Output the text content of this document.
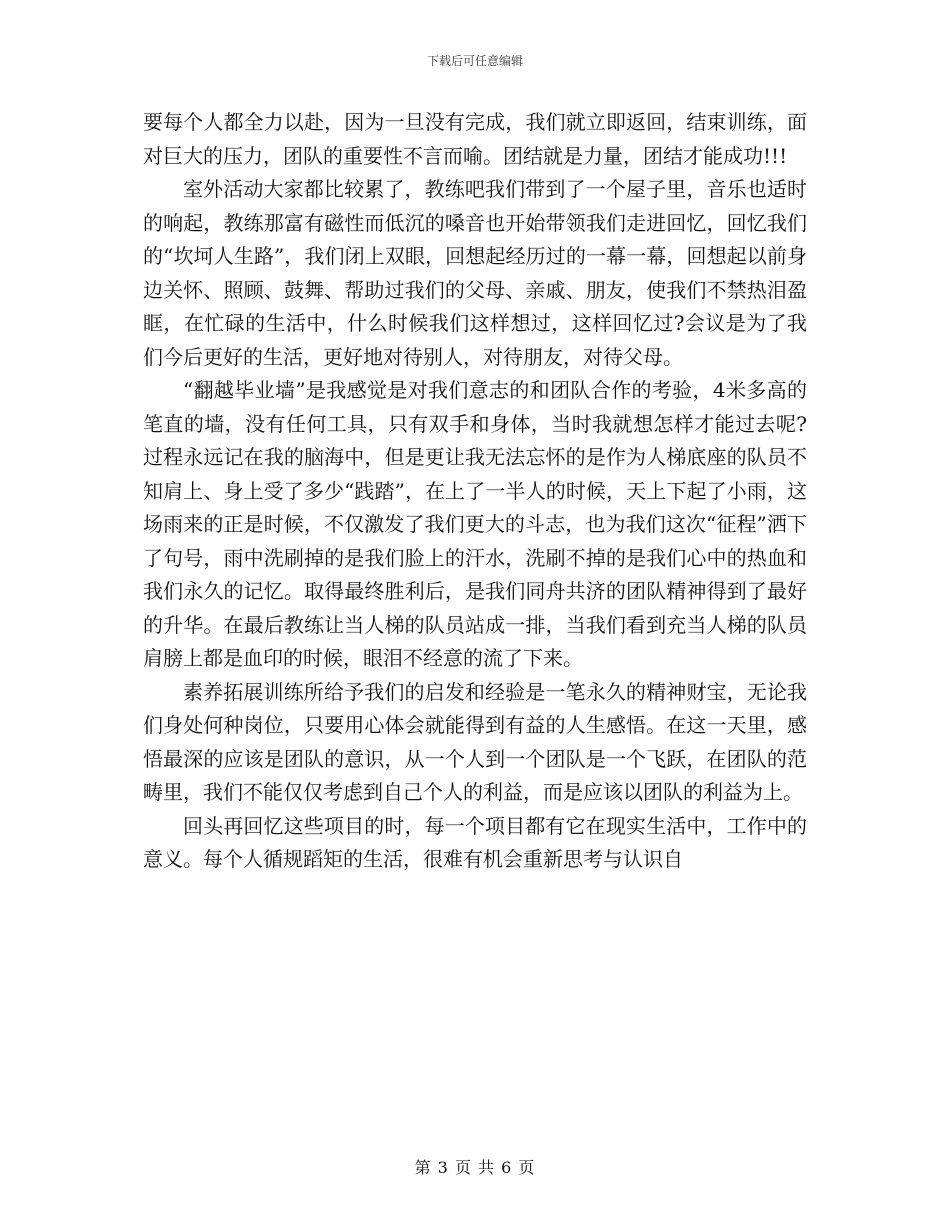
下载后可任意编辑

要每个人都全力以赴，因为一旦没有完成，我们就立即返回，结束训练，面对巨大的压力，团队的重要性不言而喻。团结就是力量，团结才能成功!!!

室外活动大家都比较累了，教练吧我们带到了一个屋子里，音乐也适时的响起，教练那富有磁性而低沉的嗓音也开始带领我们走进回忆，回忆我们的“坎坷人生路”，我们闭上双眼，回想起经历过的一幕一幕，回想起以前身边关怀、照顾、鼓舞、帮助过我们的父母、亲戚、朋友，使我们不禁热泪盈眶，在忙碌的生活中，什么时候我们这样想过，这样回忆过?会议是为了我们今后更好的生活，更好地对待别人，对待朋友，对待父母。

“翻越毕业墙”是我感觉是对我们意志的和团队合作的考验，4米多高的笔直的墙，没有任何工具，只有双手和身体，当时我就想怎样才能过去呢?过程永远记在我的脑海中，但是更让我无法忘怀的是作为人梯底座的队员不知肩上、身上受了多少“践踏”，在上了一半人的时候，天上下起了小雨，这场雨来的正是时候，不仅激发了我们更大的斗志，也为我们这次“征程”洒下了句号，雨中洗刷掉的是我们脸上的汗水，洗刷不掉的是我们心中的热血和我们永久的记忆。取得最终胜利后，是我们同舟共济的团队精神得到了最好的升华。在最后教练让当人梯的队员站成一排，当我们看到充当人梯的队员肩膀上都是血印的时候，眼泪不经意的流了下来。

素养拓展训练所给予我们的启发和经验是一笔永久的精神财宝，无论我们身处何种岗位，只要用心体会就能得到有益的人生感悟。在这一天里，感悟最深的应该是团队的意识，从一个人到一个团队是一个飞跃，在团队的范畴里，我们不能仅仅考虑到自己个人的利益，而是应该以团队的利益为上。

回头再回忆这些项目的时，每一个项目都有它在现实生活中，工作中的意义。每个人循规蹈矩的生活，很难有机会重新思考与认识自

第 3 页 共 6 页
